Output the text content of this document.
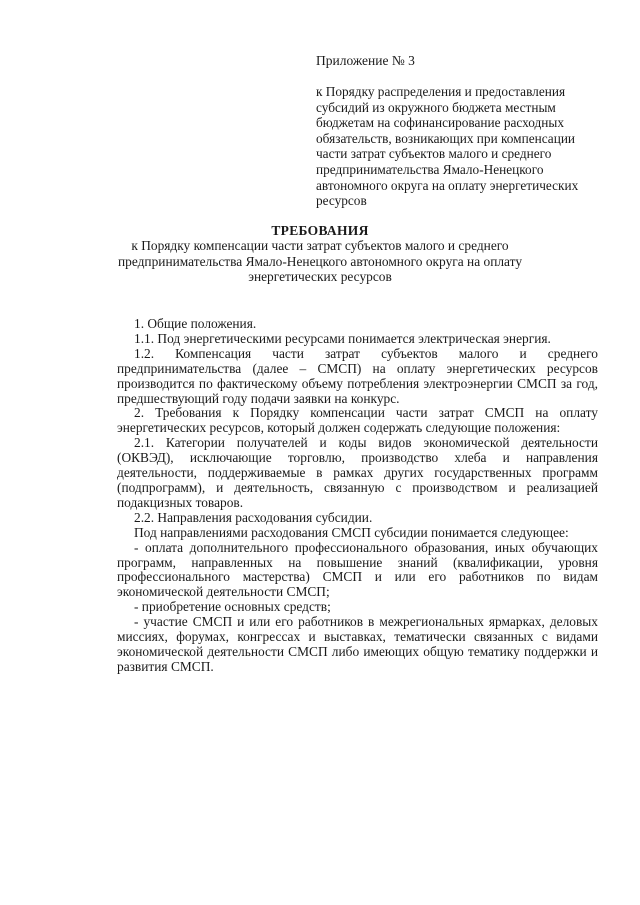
Приложение № 3
к Порядку распределения и предоставления субсидий из окружного бюджета местным бюджетам на софинансирование расходных обязательств, возникающих при компенсации части затрат субъектов малого и среднего предпринимательства Ямало-Ненецкого автономного округа на оплату энергетических ресурсов
ТРЕБОВАНИЯ
к Порядку компенсации части затрат субъектов малого и среднего предпринимательства Ямало-Ненецкого автономного округа на оплату энергетических ресурсов

1. Общие положения.

1.1. Под энергетическими ресурсами понимается электрическая энергия.

1.2. Компенсация части затрат субъектов малого и среднего предпринимательства (далее – СМСП) на оплату энергетических ресурсов производится по фактическому объему потребления электроэнергии СМСП за год, предшествующий году подачи заявки на конкурс.

2. Требования к Порядку компенсации части затрат СМСП на оплату энергетических ресурсов, который должен содержать следующие положения:

2.1. Категории получателей и коды видов экономической деятельности (ОКВЭД), исключающие торговлю, производство хлеба и направления деятельности, поддерживаемые в рамках других государственных программ (подпрограмм), и деятельность, связанную с производством и реализацией подакцизных товаров.

2.2. Направления расходования субсидии.

Под направлениями расходования СМСП субсидии понимается следующее:

- оплата дополнительного профессионального образования, иных обучающих программ, направленных на повышение знаний (квалификации, уровня профессионального мастерства) СМСП и или его работников по видам экономической деятельности СМСП;

- приобретение основных средств;

- участие СМСП и или его работников в межрегиональных ярмарках, деловых миссиях, форумах, конгрессах и выставках, тематически связанных с видами экономической деятельности СМСП либо имеющих общую тематику поддержки и развития СМСП.
